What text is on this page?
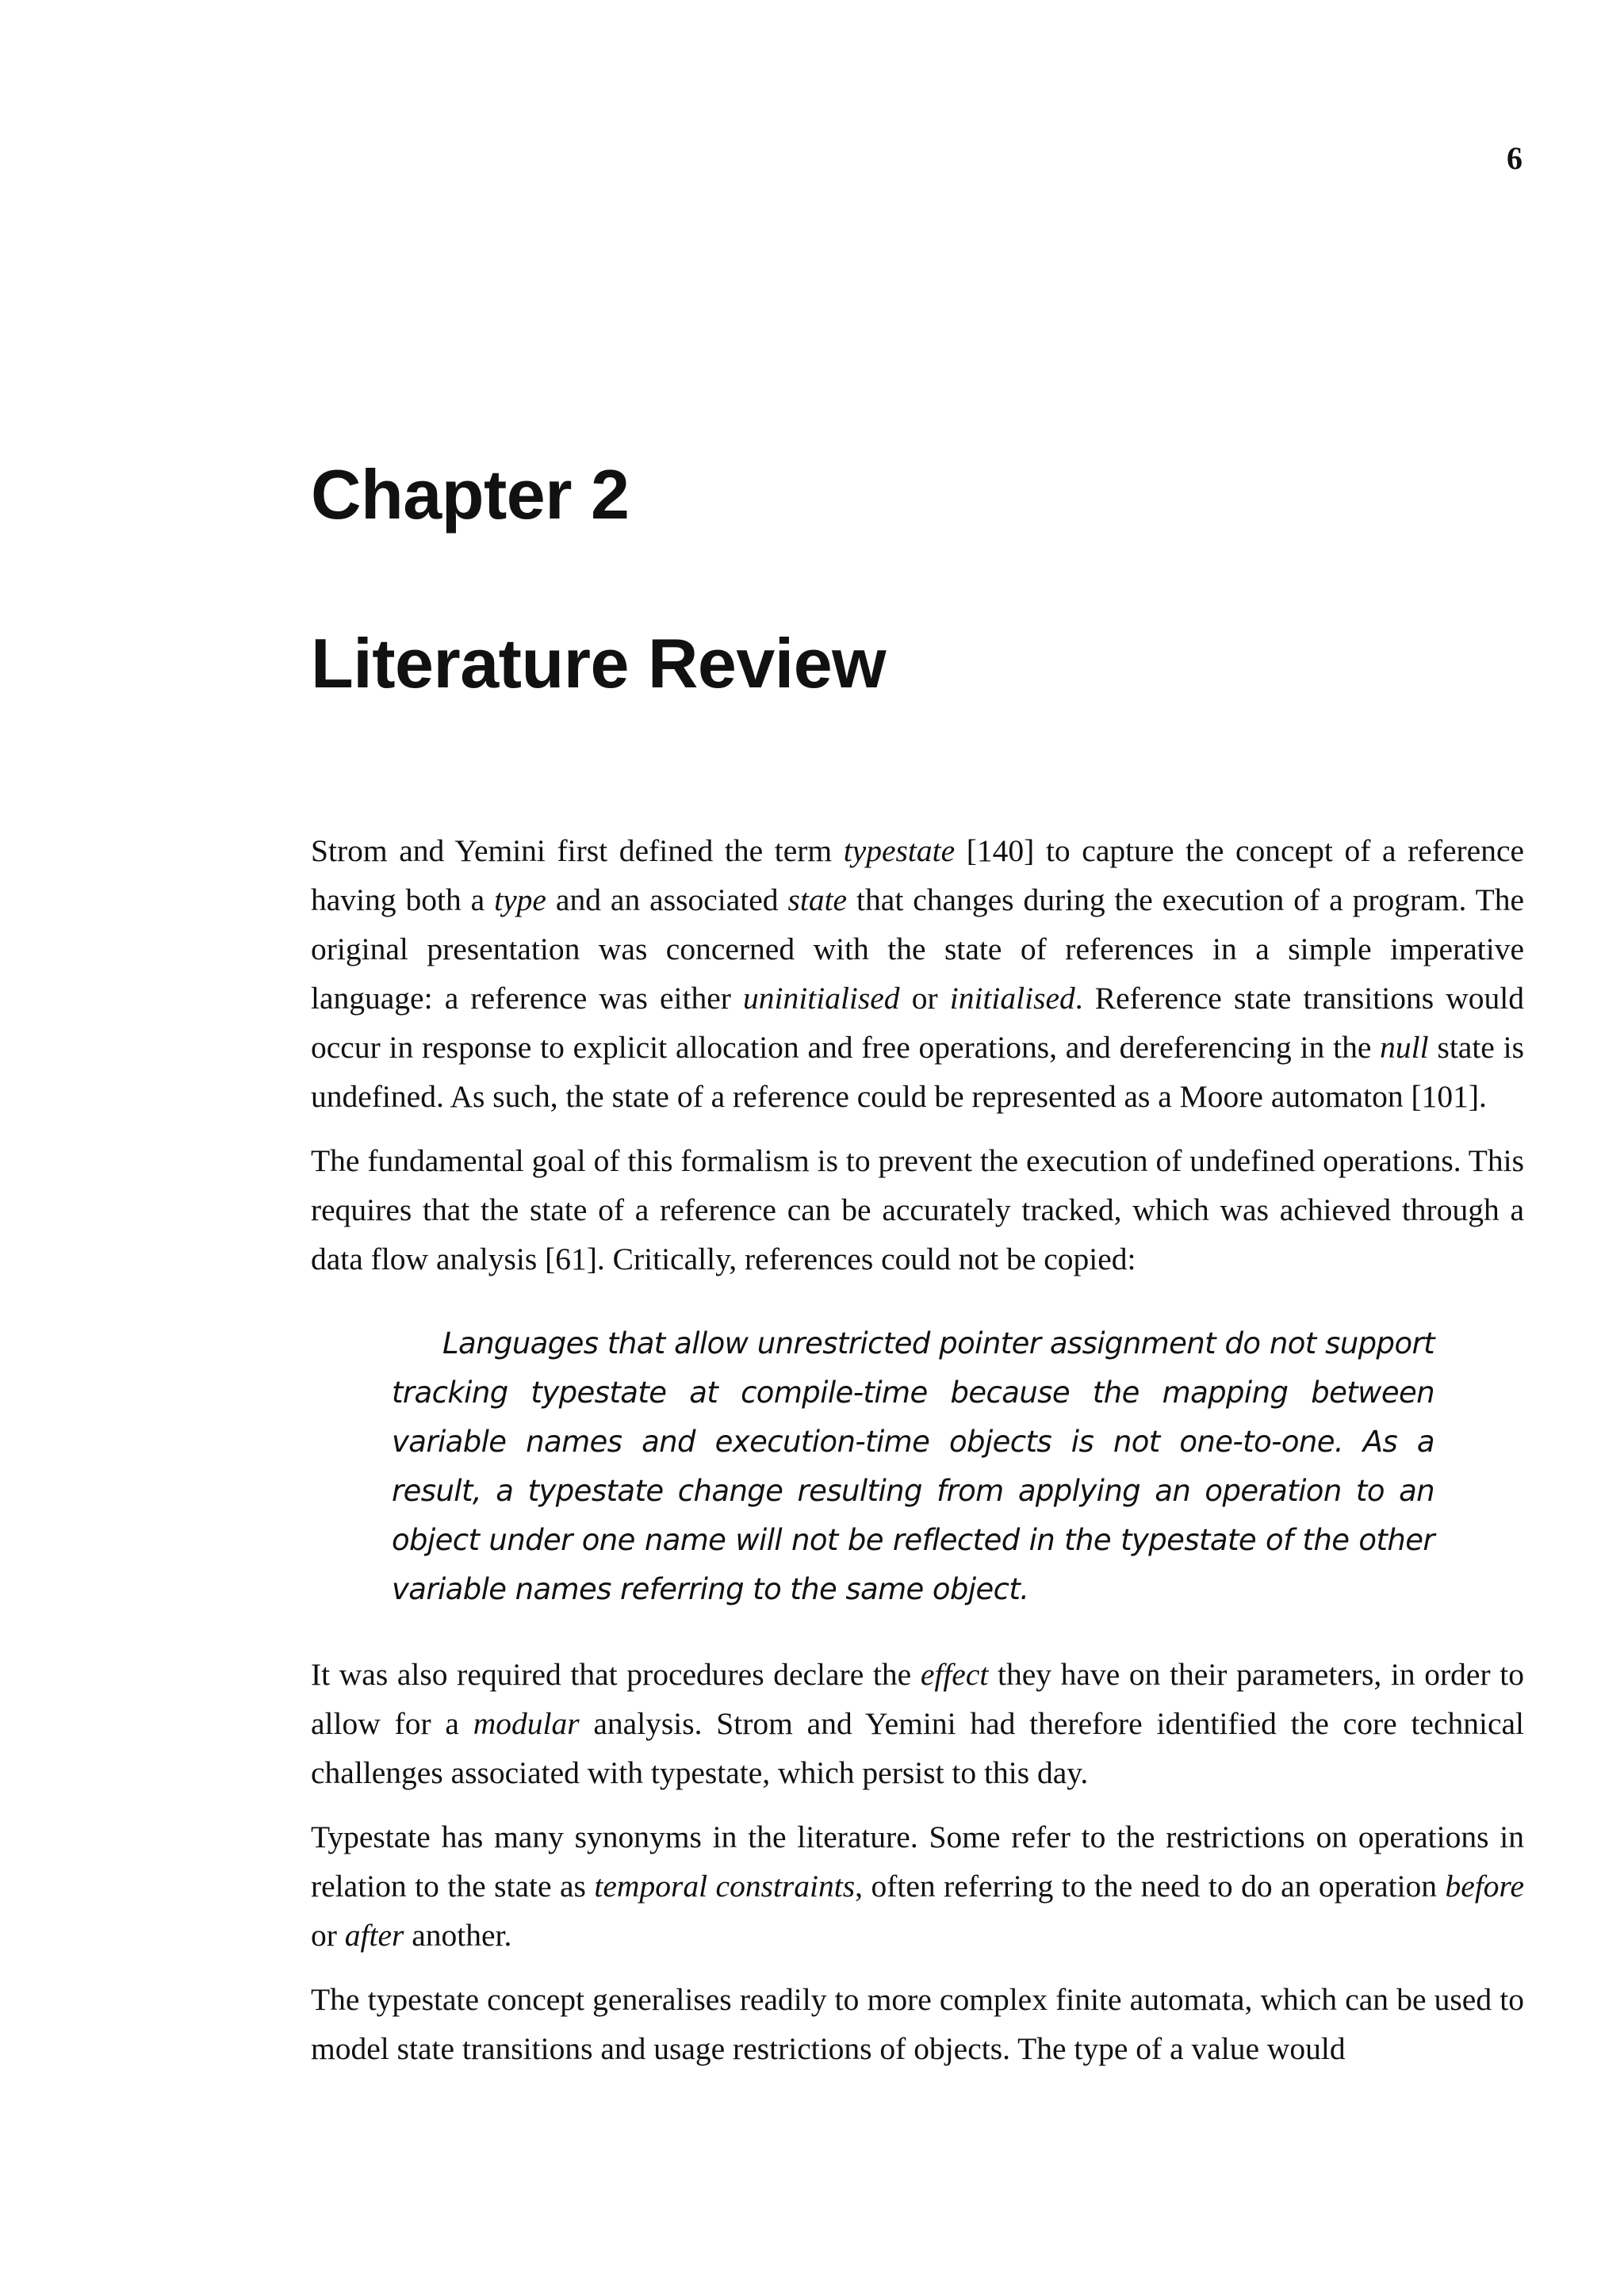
6
Chapter 2
Literature Review

Strom and Yemini first defined the term typestate [140] to capture the concept of a reference having both a type and an associated state that changes during the execution of a program. The original presentation was concerned with the state of references in a simple imperative language: a reference was either uninitialised or initialised. Reference state transitions would occur in response to explicit allocation and free operations, and dereferencing in the null state is undefined. As such, the state of a reference could be represented as a Moore automaton [101].

The fundamental goal of this formalism is to prevent the execution of undefined operations. This requires that the state of a reference can be accurately tracked, which was achieved through a data flow analysis [61]. Critically, references could not be copied:

Languages that allow unrestricted pointer assignment do not support tracking typestate at compile-time because the mapping between variable names and execution-time objects is not one-to-one. As a result, a typestate change resulting from applying an operation to an object under one name will not be reflected in the typestate of the other variable names referring to the same object.

It was also required that procedures declare the effect they have on their parameters, in order to allow for a modular analysis. Strom and Yemini had therefore identified the core technical challenges associated with typestate, which persist to this day.

Typestate has many synonyms in the literature. Some refer to the restrictions on operations in relation to the state as temporal constraints, often referring to the need to do an operation before or after another.

The typestate concept generalises readily to more complex finite automata, which can be used to model state transitions and usage restrictions of objects. The type of a value would
